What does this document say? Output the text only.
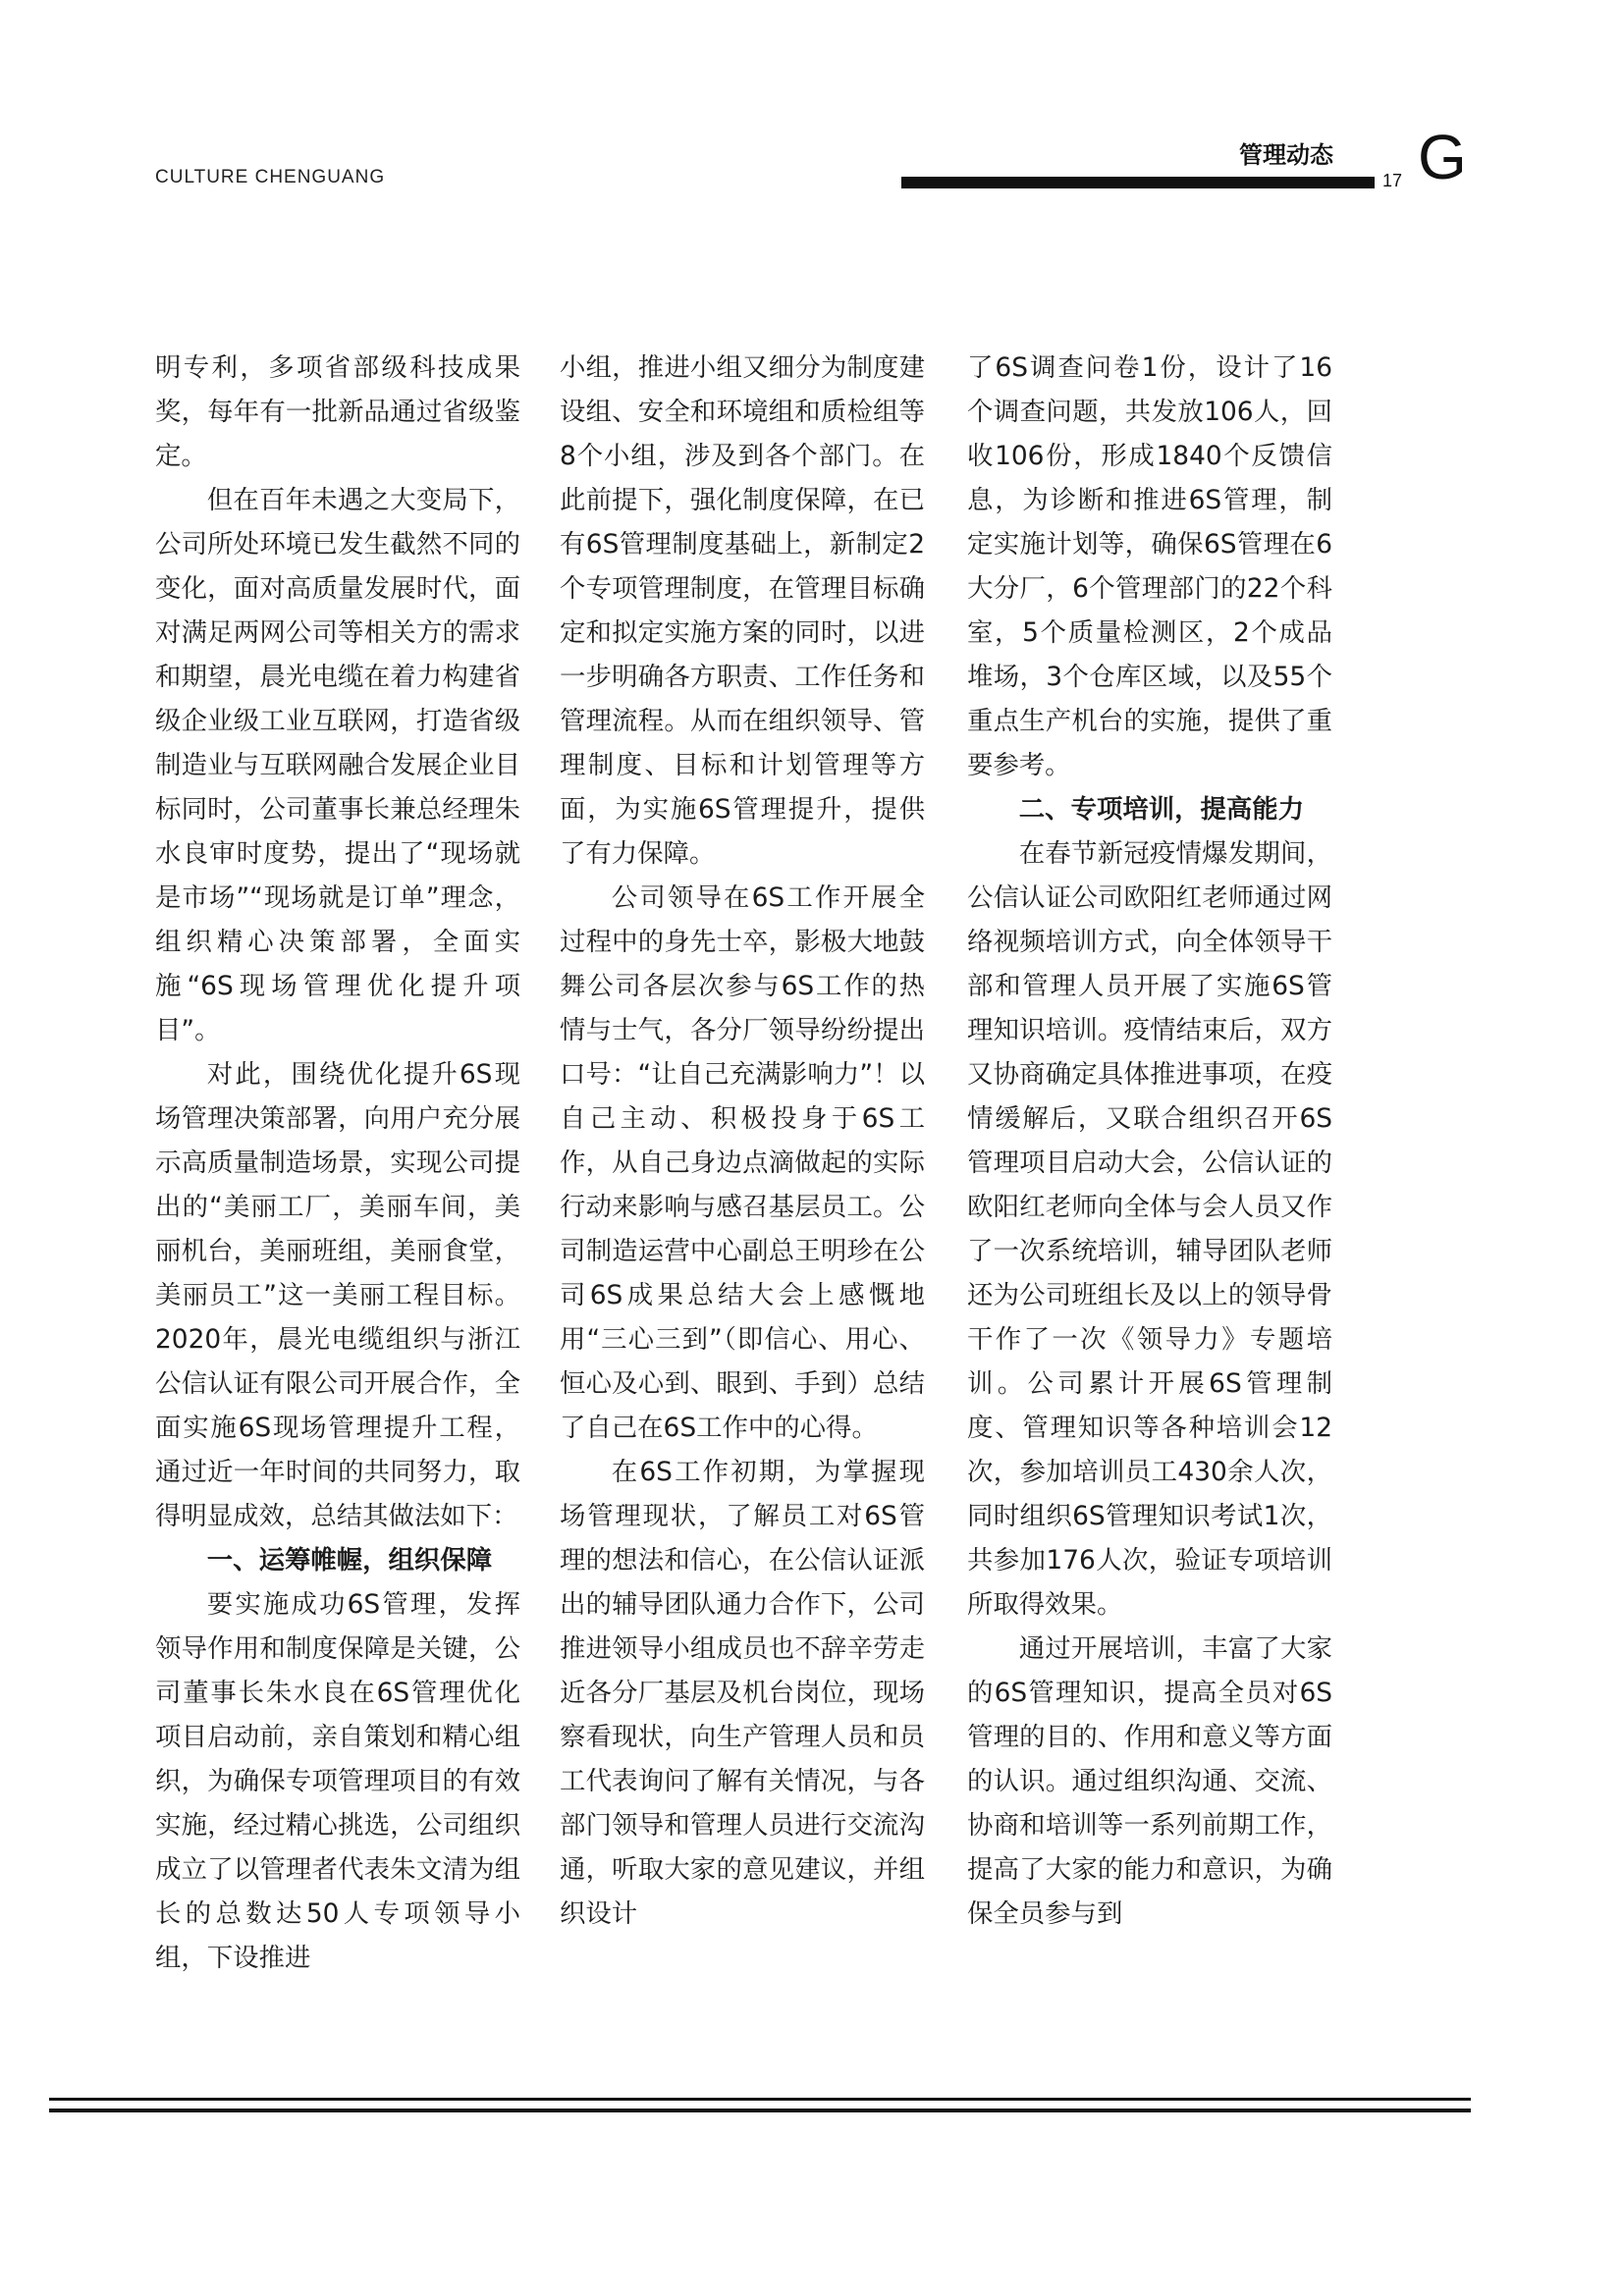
CULTURE CHENGUANG
管理动态
17 G

明专利，多项省部级科技成果奖，每年有一批新品通过省级鉴定。

但在百年未遇之大变局下，公司所处环境已发生截然不同的变化，面对高质量发展时代，面对满足两网公司等相关方的需求和期望，晨光电缆在着力构建省级企业级工业互联网，打造省级制造业与互联网融合发展企业目标同时，公司董事长兼总经理朱水良审时度势，提出了“现场就是市场”“现场就是订单”理念，组织精心决策部署，全面实施“6S现场管理优化提升项目”。

对此，围绕优化提升6S现场管理决策部署，向用户充分展示高质量制造场景，实现公司提出的“美丽工厂，美丽车间，美丽机台，美丽班组，美丽食堂，美丽员工”这一美丽工程目标。2020年，晨光电缆组织与浙江公信认证有限公司开展合作，全面实施6S现场管理提升工程，通过近一年时间的共同努力，取得明显成效，总结其做法如下：

一、运筹帷幄，组织保障

要实施成功6S管理，发挥领导作用和制度保障是关键，公司董事长朱水良在6S管理优化项目启动前，亲自策划和精心组织，为确保专项管理项目的有效实施，经过精心挑选，公司组织成立了以管理者代表朱文清为组长的总数达50人专项领导小组，下设推进

小组，推进小组又细分为制度建设组、安全和环境组和质检组等8个小组，涉及到各个部门。在此前提下，强化制度保障，在已有6S管理制度基础上，新制定2个专项管理制度，在管理目标确定和拟定实施方案的同时，以进一步明确各方职责、工作任务和管理流程。从而在组织领导、管理制度、目标和计划管理等方面，为实施6S管理提升，提供了有力保障。

公司领导在6S工作开展全过程中的身先士卒，影极大地鼓舞公司各层次参与6S工作的热情与士气，各分厂领导纷纷提出口号：“让自己充满影响力”！以自己主动、积极投身于6S工作，从自己身边点滴做起的实际行动来影响与感召基层员工。公司制造运营中心副总王明珍在公司6S成果总结大会上感慨地用“三心三到”（即信心、用心、恒心及心到、眼到、手到）总结了自己在6S工作中的心得。

在6S工作初期，为掌握现场管理现状，了解员工对6S管理的想法和信心，在公信认证派出的辅导团队通力合作下，公司推进领导小组成员也不辞辛劳走近各分厂基层及机台岗位，现场察看现状，向生产管理人员和员工代表询问了解有关情况，与各部门领导和管理人员进行交流沟通，听取大家的意见建议，并组织设计

了6S调查问卷1份，设计了16个调查问题，共发放106人，回收106份，形成1840个反馈信息，为诊断和推进6S管理，制定实施计划等，确保6S管理在6大分厂，6个管理部门的22个科室，5个质量检测区，2个成品堆场，3个仓库区域，以及55个重点生产机台的实施，提供了重要参考。

二、专项培训，提高能力

在春节新冠疫情爆发期间，公信认证公司欧阳红老师通过网络视频培训方式，向全体领导干部和管理人员开展了实施6S管理知识培训。疫情结束后，双方又协商确定具体推进事项，在疫情缓解后，又联合组织召开6S管理项目启动大会，公信认证的欧阳红老师向全体与会人员又作了一次系统培训，辅导团队老师还为公司班组长及以上的领导骨干作了一次《领导力》专题培训。公司累计开展6S管理制度、管理知识等各种培训会12次，参加培训员工430余人次，同时组织6S管理知识考试1次，共参加176人次，验证专项培训所取得效果。

通过开展培训，丰富了大家的6S管理知识，提高全员对6S管理的目的、作用和意义等方面的认识。通过组织沟通、交流、协商和培训等一系列前期工作，提高了大家的能力和意识，为确保全员参与到
